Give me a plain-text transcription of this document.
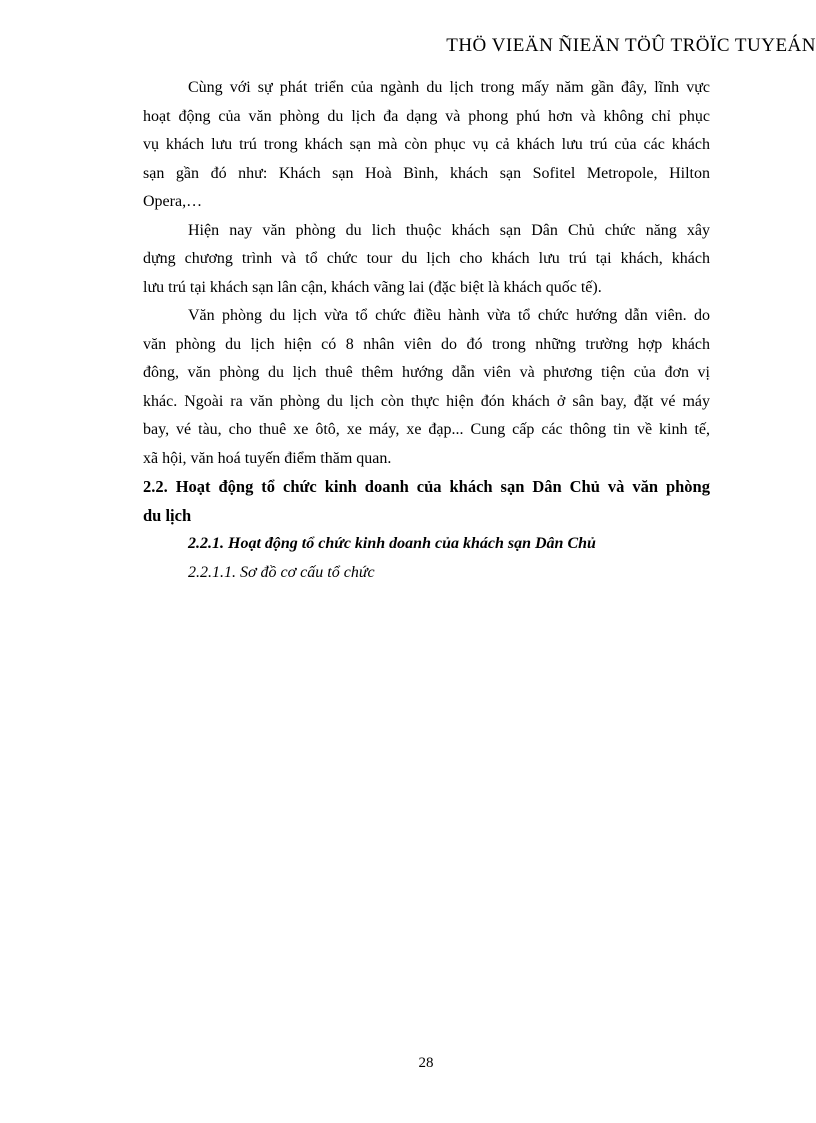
THÖ VIEÄN ÑIEÄN TÖÛ TRÖÏC TUYEÁN
Cùng với sự phát triển của ngành du lịch trong mấy năm gần đây, lĩnh vực
hoạt động của văn phòng du lịch đa dạng và phong phú hơn và không chỉ phục
vụ khách lưu trú trong khách sạn mà còn phục vụ cả khách lưu trú của các khách
sạn gần đó như: Khách sạn Hoà Bình, khách sạn Sofitel Metropole, Hilton
Opera,…
Hiện nay văn phòng du lich thuộc khách sạn Dân Chủ chức năng xây
dựng chương trình và tổ chức tour du lịch cho khách lưu trú tại khách, khách
lưu trú tại khách sạn lân cận, khách vãng lai (đặc biệt là khách quốc tế).
Văn phòng du lịch vừa tổ chức điều hành vừa tổ chức hướng dẫn viên. do
văn phòng du lịch hiện có 8 nhân viên do đó trong những trường hợp khách
đông, văn phòng du lịch thuê thêm hướng dẫn viên và phương tiện của đơn vị
khác. Ngoài ra văn phòng du lịch còn thực hiện đón khách ở sân bay, đặt vé máy
bay, vé tàu, cho thuê xe ôtô, xe máy, xe đạp... Cung cấp các thông tin về kinh tế,
xã hội, văn hoá tuyến điểm thăm quan.
2.2. Hoạt động tổ chức kinh doanh của khách sạn Dân Chủ và văn phòng
du lịch
2.2.1. Hoạt động tổ chức kinh doanh của khách sạn Dân Chủ
2.2.1.1. Sơ đồ cơ cấu tổ chức
28
